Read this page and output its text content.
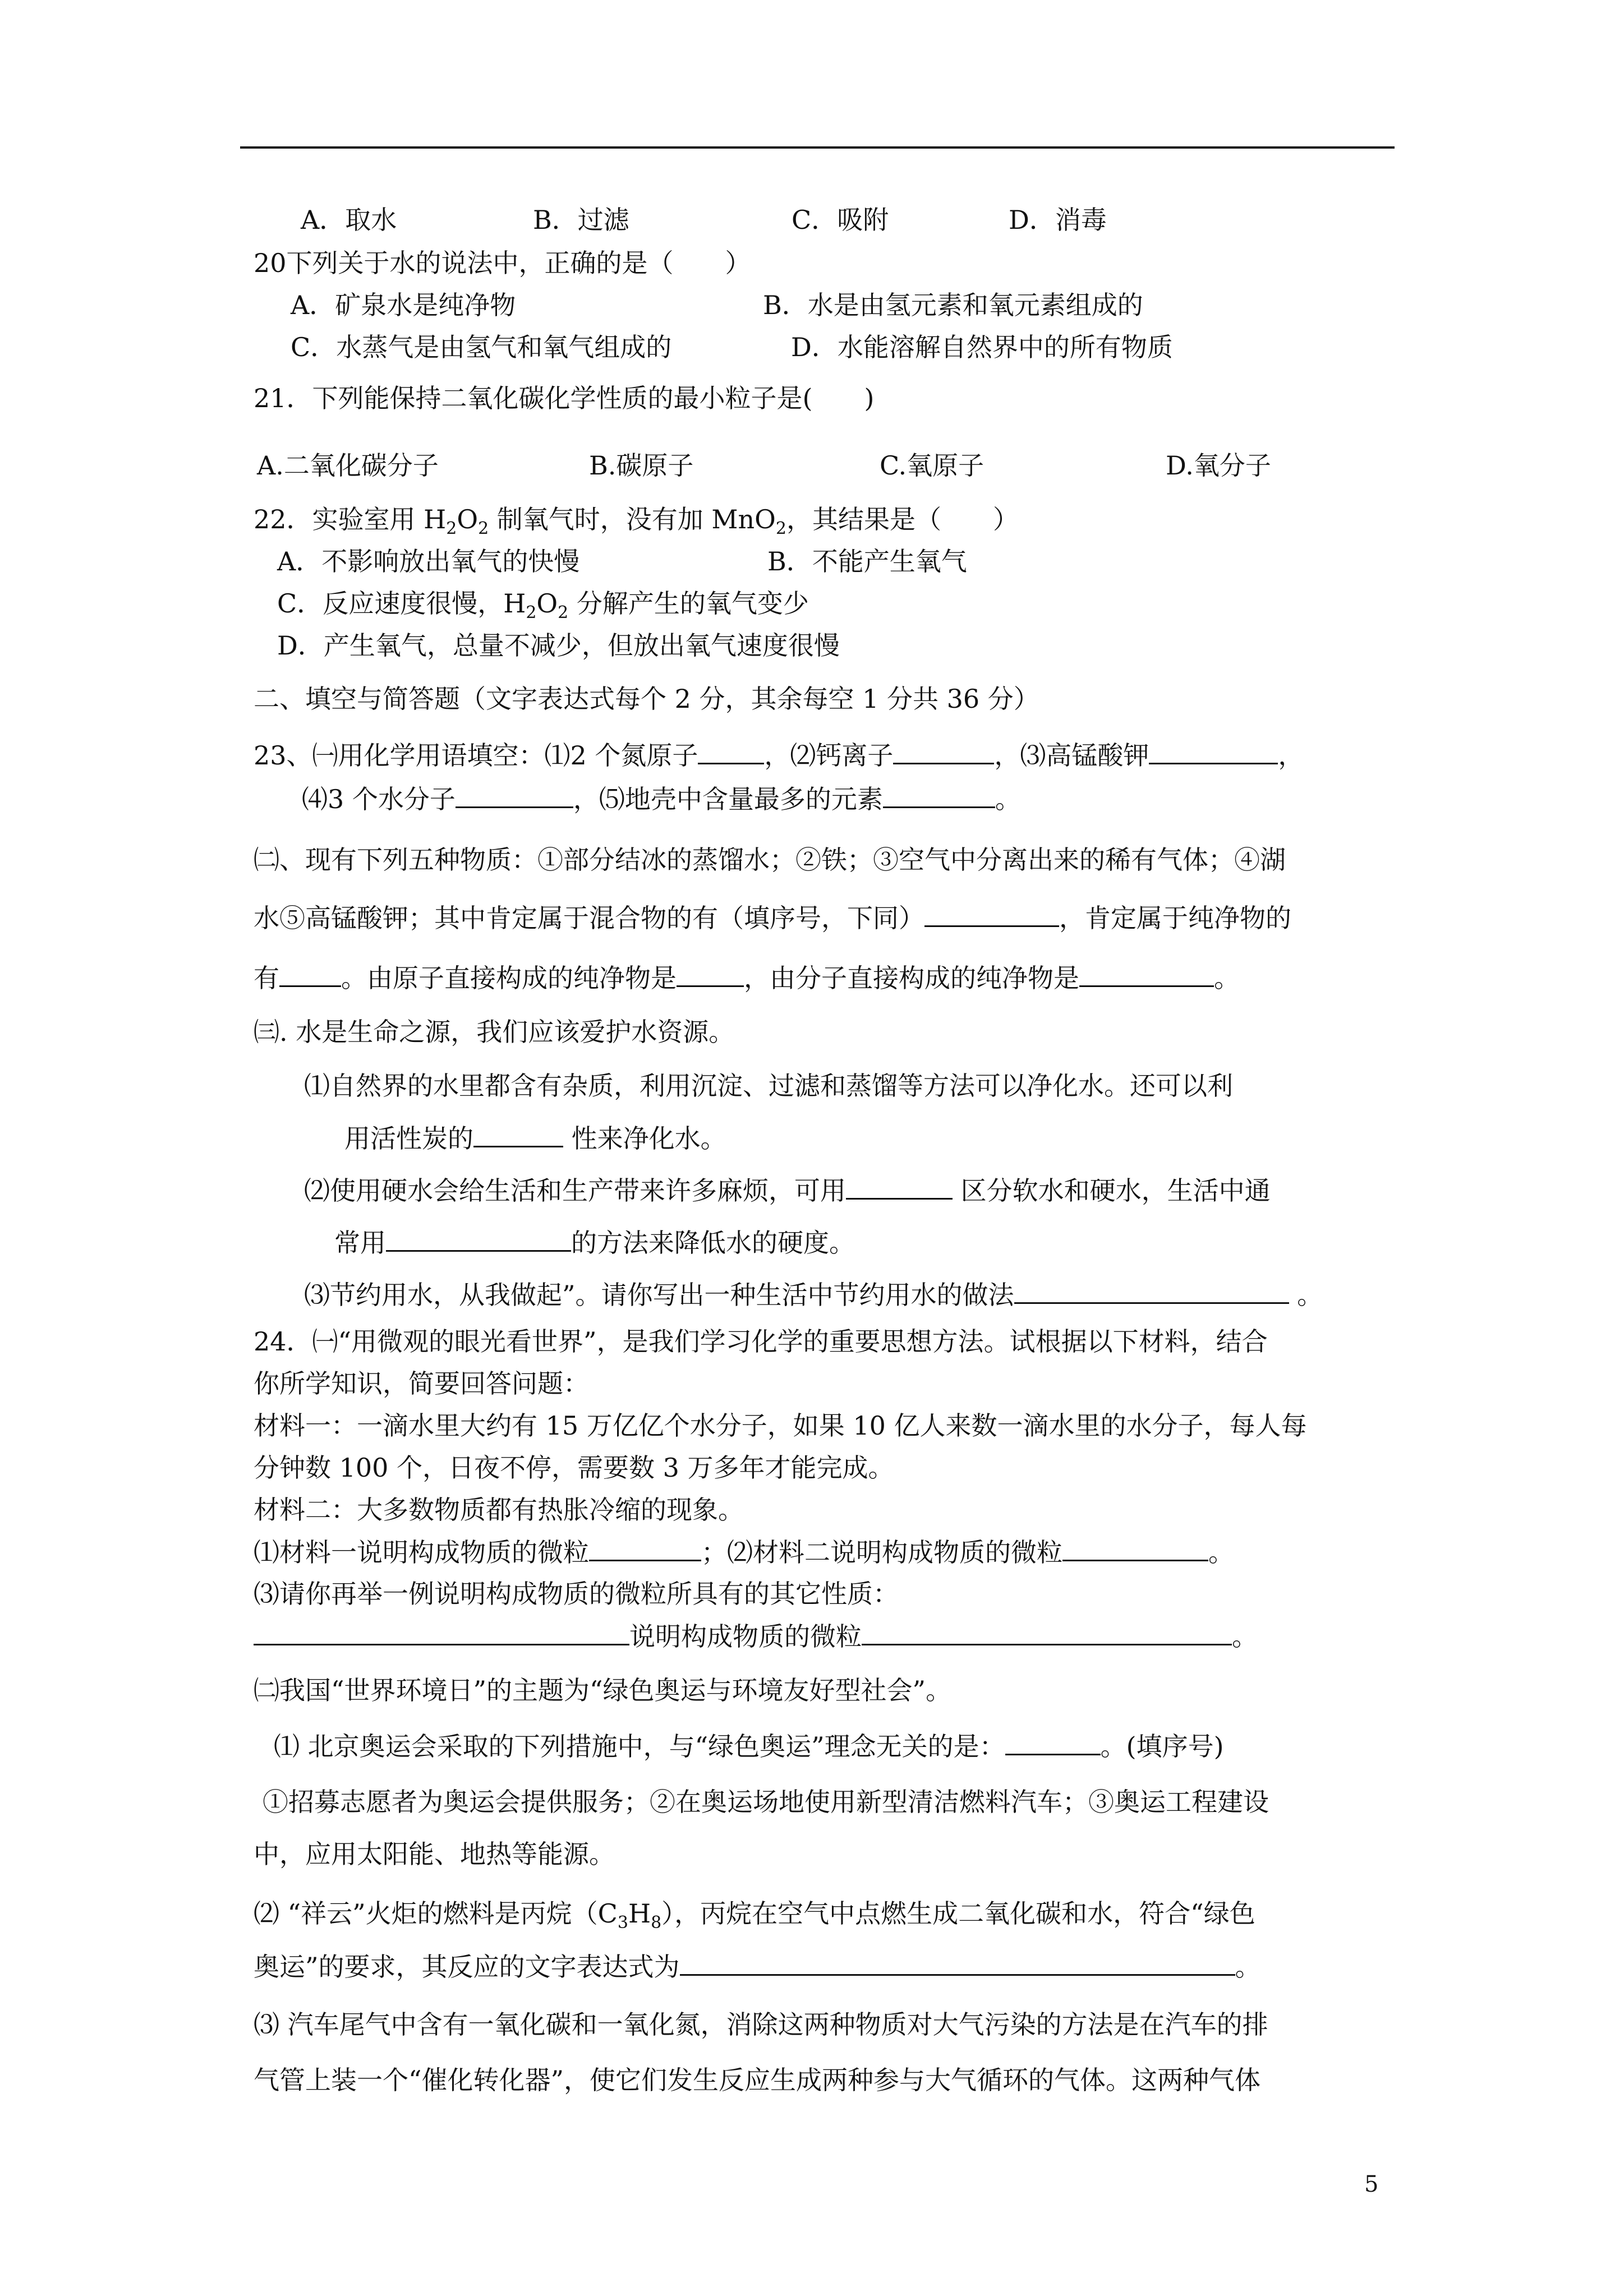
A．取水	B．过滤	C．吸附	D．消毒
20下列关于水的说法中，正确的是（　　）
A．矿泉水是纯净物	B．水是由氢元素和氧元素组成的
C．水蒸气是由氢气和氧气组成的	D．水能溶解自然界中的所有物质
21．下列能保持二氧化碳化学性质的最小粒子是(　　)
A.二氧化碳分子	B.碳原子	C.氧原子	D.氧分子
22．实验室用 $H_2O_2$ 制氧气时，没有加 MnO$_2$，其结果是（　　）
A．不影响放出氧气的快慢	B．不能产生氧气
C．反应速度很慢，$H_2O_2$ 分解产生的氧气变少
D．产生氧气，总量不减少，但放出氧气速度很慢
二、填空与简答题（文字表达式每个 2 分，其余每空 1 分共 36 分）
23、㈠用化学用语填空：⑴2 个氮原子	，⑵钙离子	，⑶高锰酸钾	，
⑷3 个水分子	，⑸地壳中含量最多的元素	。
㈡、现有下列五种物质：①部分结冰的蒸馏水；②铁；③空气中分离出来的稀有气体；④湖
水⑤高锰酸钾；其中肯定属于混合物的有（填序号，下同）	，肯定属于纯净物的
有 。由原子直接构成的纯净物是	，由分子直接构成的纯净物是	。
㈢. 水是生命之源，我们应该爱护水资源。
⑴自然界的水里都含有杂质，利用沉淀、过滤和蒸馏等方法可以净化水。还可以利
用活性炭的	性来净化水。
⑵使用硬水会给生活和生产带来许多麻烦，可用	区分软水和硬水，生活中通
常用	的方法来降低水的硬度。
⑶节约用水，从我做起”。请你写出一种生活中节约用水的做法	。
24．㈠“用微观的眼光看世界”，是我们学习化学的重要思想方法。试根据以下材料，结合
你所学知识，简要回答问题：
材料一：一滴水里大约有 15 万亿亿个水分子，如果 10 亿人来数一滴水里的水分子，每人每
分钟数 100 个，日夜不停，需要数 3 万多年才能完成。
材料二：大多数物质都有热胀冷缩的现象。
⑴材料一说明构成物质的微粒	；⑵材料二说明构成物质的微粒	。
⑶请你再举一例说明构成物质的微粒所具有的其它性质：
说明构成物质的微粒	。
㈡我国“世界环境日”的主题为“绿色奥运与环境友好型社会”。
⑴ 北京奥运会采取的下列措施中，与“绿色奥运”理念无关的是：	。(填序号)
①招募志愿者为奥运会提供服务；②在奥运场地使用新型清洁燃料汽车；③奥运工程建设
中，应用太阳能、地热等能源。
⑵ “祥云”火炬的燃料是丙烷$(C_3H_8)$，丙烷在空气中点燃生成二氧化碳和水，符合“绿色
奥运”的要求，其反应的文字表达式为	。
⑶ 汽车尾气中含有一氧化碳和一氧化氮，消除这两种物质对大气污染的方法是在汽车的排
气管上装一个“催化转化器”，使它们发生反应生成两种参与大气循环的气体。这两种气体
5
